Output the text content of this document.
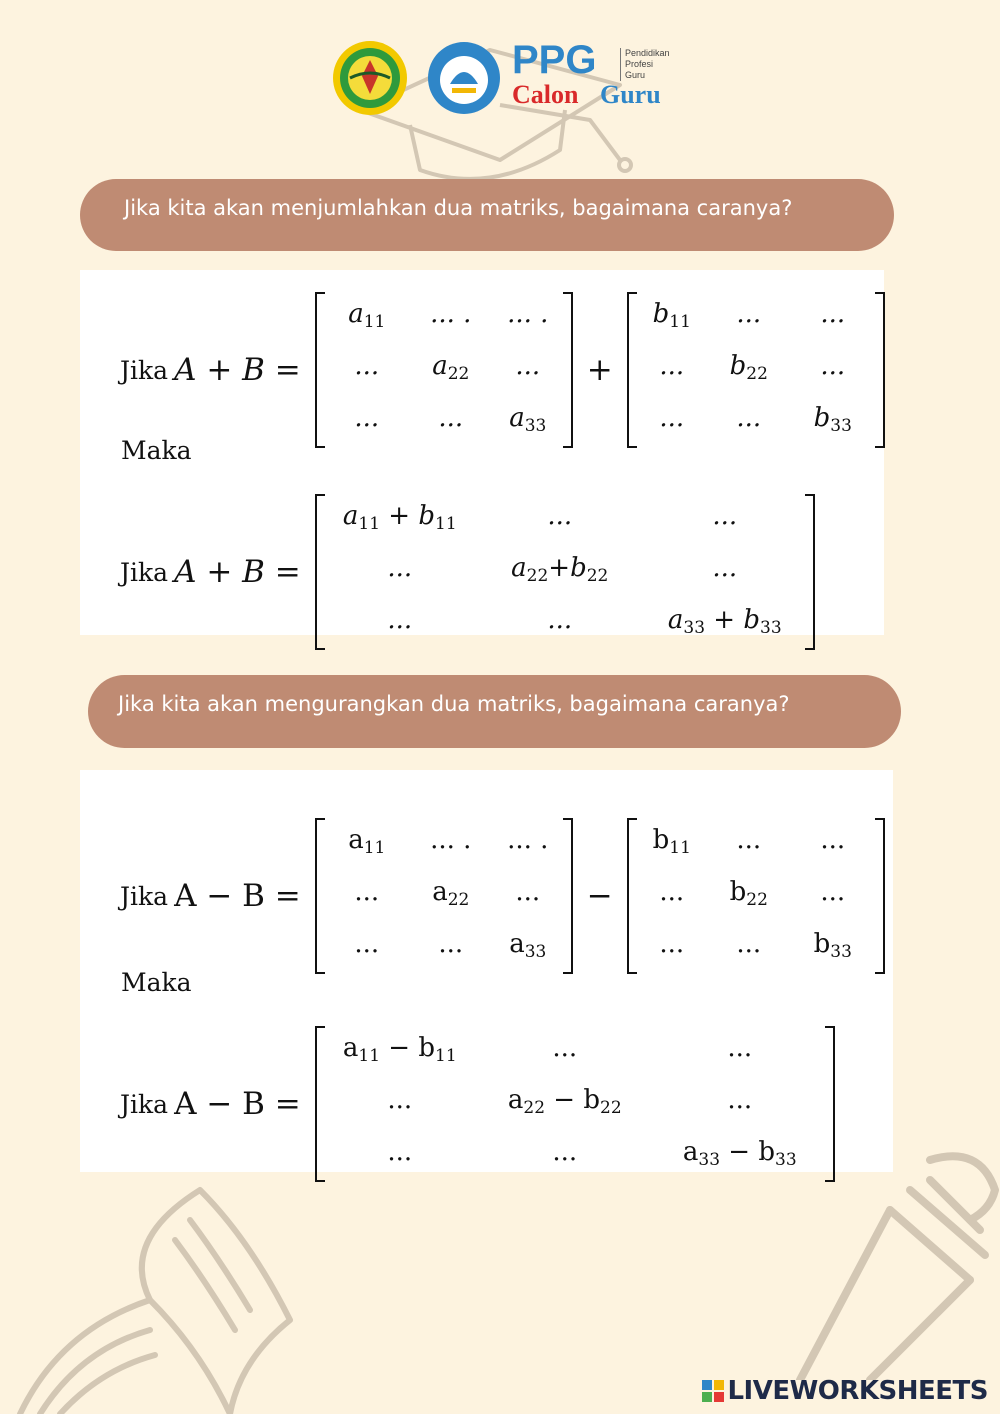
PPG
Calon Guru
Pendidikan
Profesi
Guru
Jika kita akan menjumlahkan dua matriks, bagaimana caranya?
Jika A + B =
$a_{11}$	... .	... .
...	$a_{22}$	...
...	...	$a_{33}$
+
$b_{11}$	...	...
...	$b_{22}$	...
...	...	$b_{33}$
Maka
Jika A + B =
$a_{11} + b_{11}$	...	...
...	$a_{22}+b_{22}$	...
...	...	$a_{33} + b_{33}$
Jika kita akan mengurangkan dua matriks, bagaimana caranya?
Jika A − B =
$a_{11}$	... .	... .
...	$a_{22}$	...
...	...	$a_{33}$
−
$b_{11}$	...	...
...	$b_{22}$	...
...	...	$b_{33}$
Maka
Jika A − B =
$a_{11} - b_{11}$	...	...
...	$a_{22} - b_{22}$	...
...	...	$a_{33} - b_{33}$
LIVEWORKSHEETS
